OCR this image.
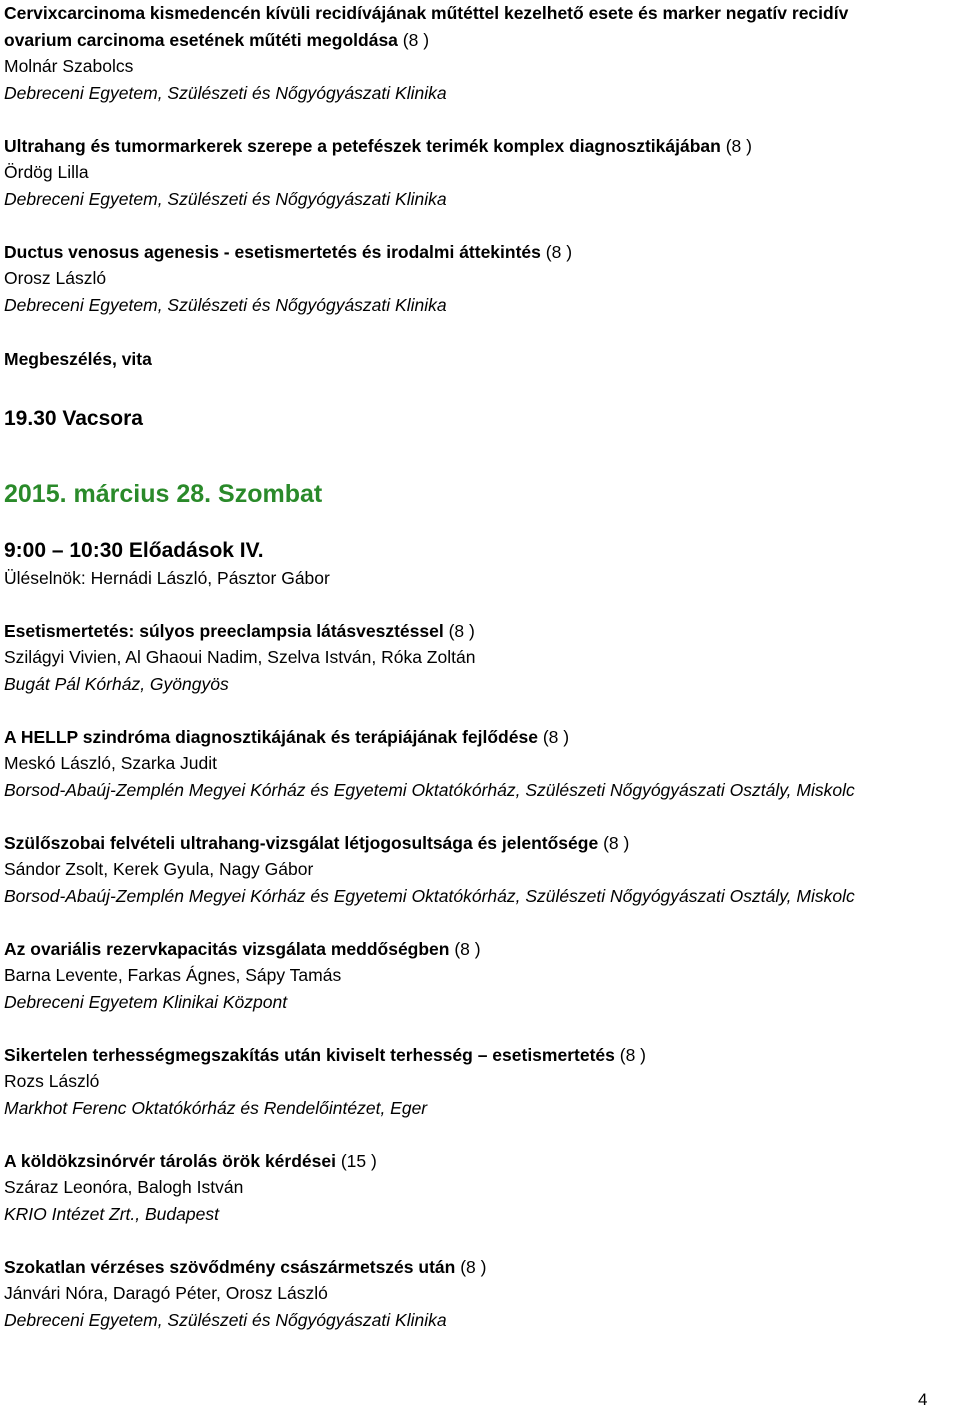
Cervixcarcinoma kismedencén kívüli recidívájának műtéttel kezelhető esete és marker negatív recidív
ovarium carcinoma esetének műtéti megoldása (8 )
Molnár Szabolcs
Debreceni Egyetem, Szülészeti és Nőgyógyászati Klinika
Ultrahang és tumormarkerek szerepe a petefészek terimék komplex diagnosztikájában (8 )
Ördög Lilla
Debreceni Egyetem, Szülészeti és Nőgyógyászati Klinika
Ductus venosus agenesis - esetismertetés és irodalmi áttekintés (8 )
Orosz László
Debreceni Egyetem, Szülészeti és Nőgyógyászati Klinika
Megbeszélés, vita
19.30 Vacsora
2015. március 28. Szombat
9:00 – 10:30 Előadások IV.
Üléselnök: Hernádi László, Pásztor Gábor
Esetismertetés: súlyos preeclampsia látásvesztéssel (8 )
Szilágyi Vivien, Al Ghaoui Nadim, Szelva István, Róka Zoltán
Bugát Pál Kórház, Gyöngyös
A HELLP szindróma diagnosztikájának és terápiájának fejlődése (8 )
Meskó László, Szarka Judit
Borsod-Abaúj-Zemplén Megyei Kórház és Egyetemi Oktatókórház, Szülészeti Nőgyógyászati Osztály, Miskolc
Szülőszobai felvételi ultrahang-vizsgálat létjogosultsága és jelentősége (8 )
Sándor Zsolt, Kerek Gyula, Nagy Gábor
Borsod-Abaúj-Zemplén Megyei Kórház és Egyetemi Oktatókórház, Szülészeti Nőgyógyászati Osztály, Miskolc
Az ovariális rezervkapacitás vizsgálata meddőségben (8 )
Barna Levente, Farkas Ágnes, Sápy Tamás
Debreceni Egyetem Klinikai Központ
Sikertelen terhességmegszakítás után kiviselt terhesség – esetismertetés (8 )
Rozs László
Markhot Ferenc Oktatókórház és Rendelőintézet, Eger
A köldökzsinórvér tárolás örök kérdései (15 )
Száraz Leonóra, Balogh István
KRIO Intézet Zrt., Budapest
Szokatlan vérzéses szövődmény császármetszés után (8 )
Jánvári Nóra, Daragó Péter, Orosz László
Debreceni Egyetem, Szülészeti és Nőgyógyászati Klinika
4
